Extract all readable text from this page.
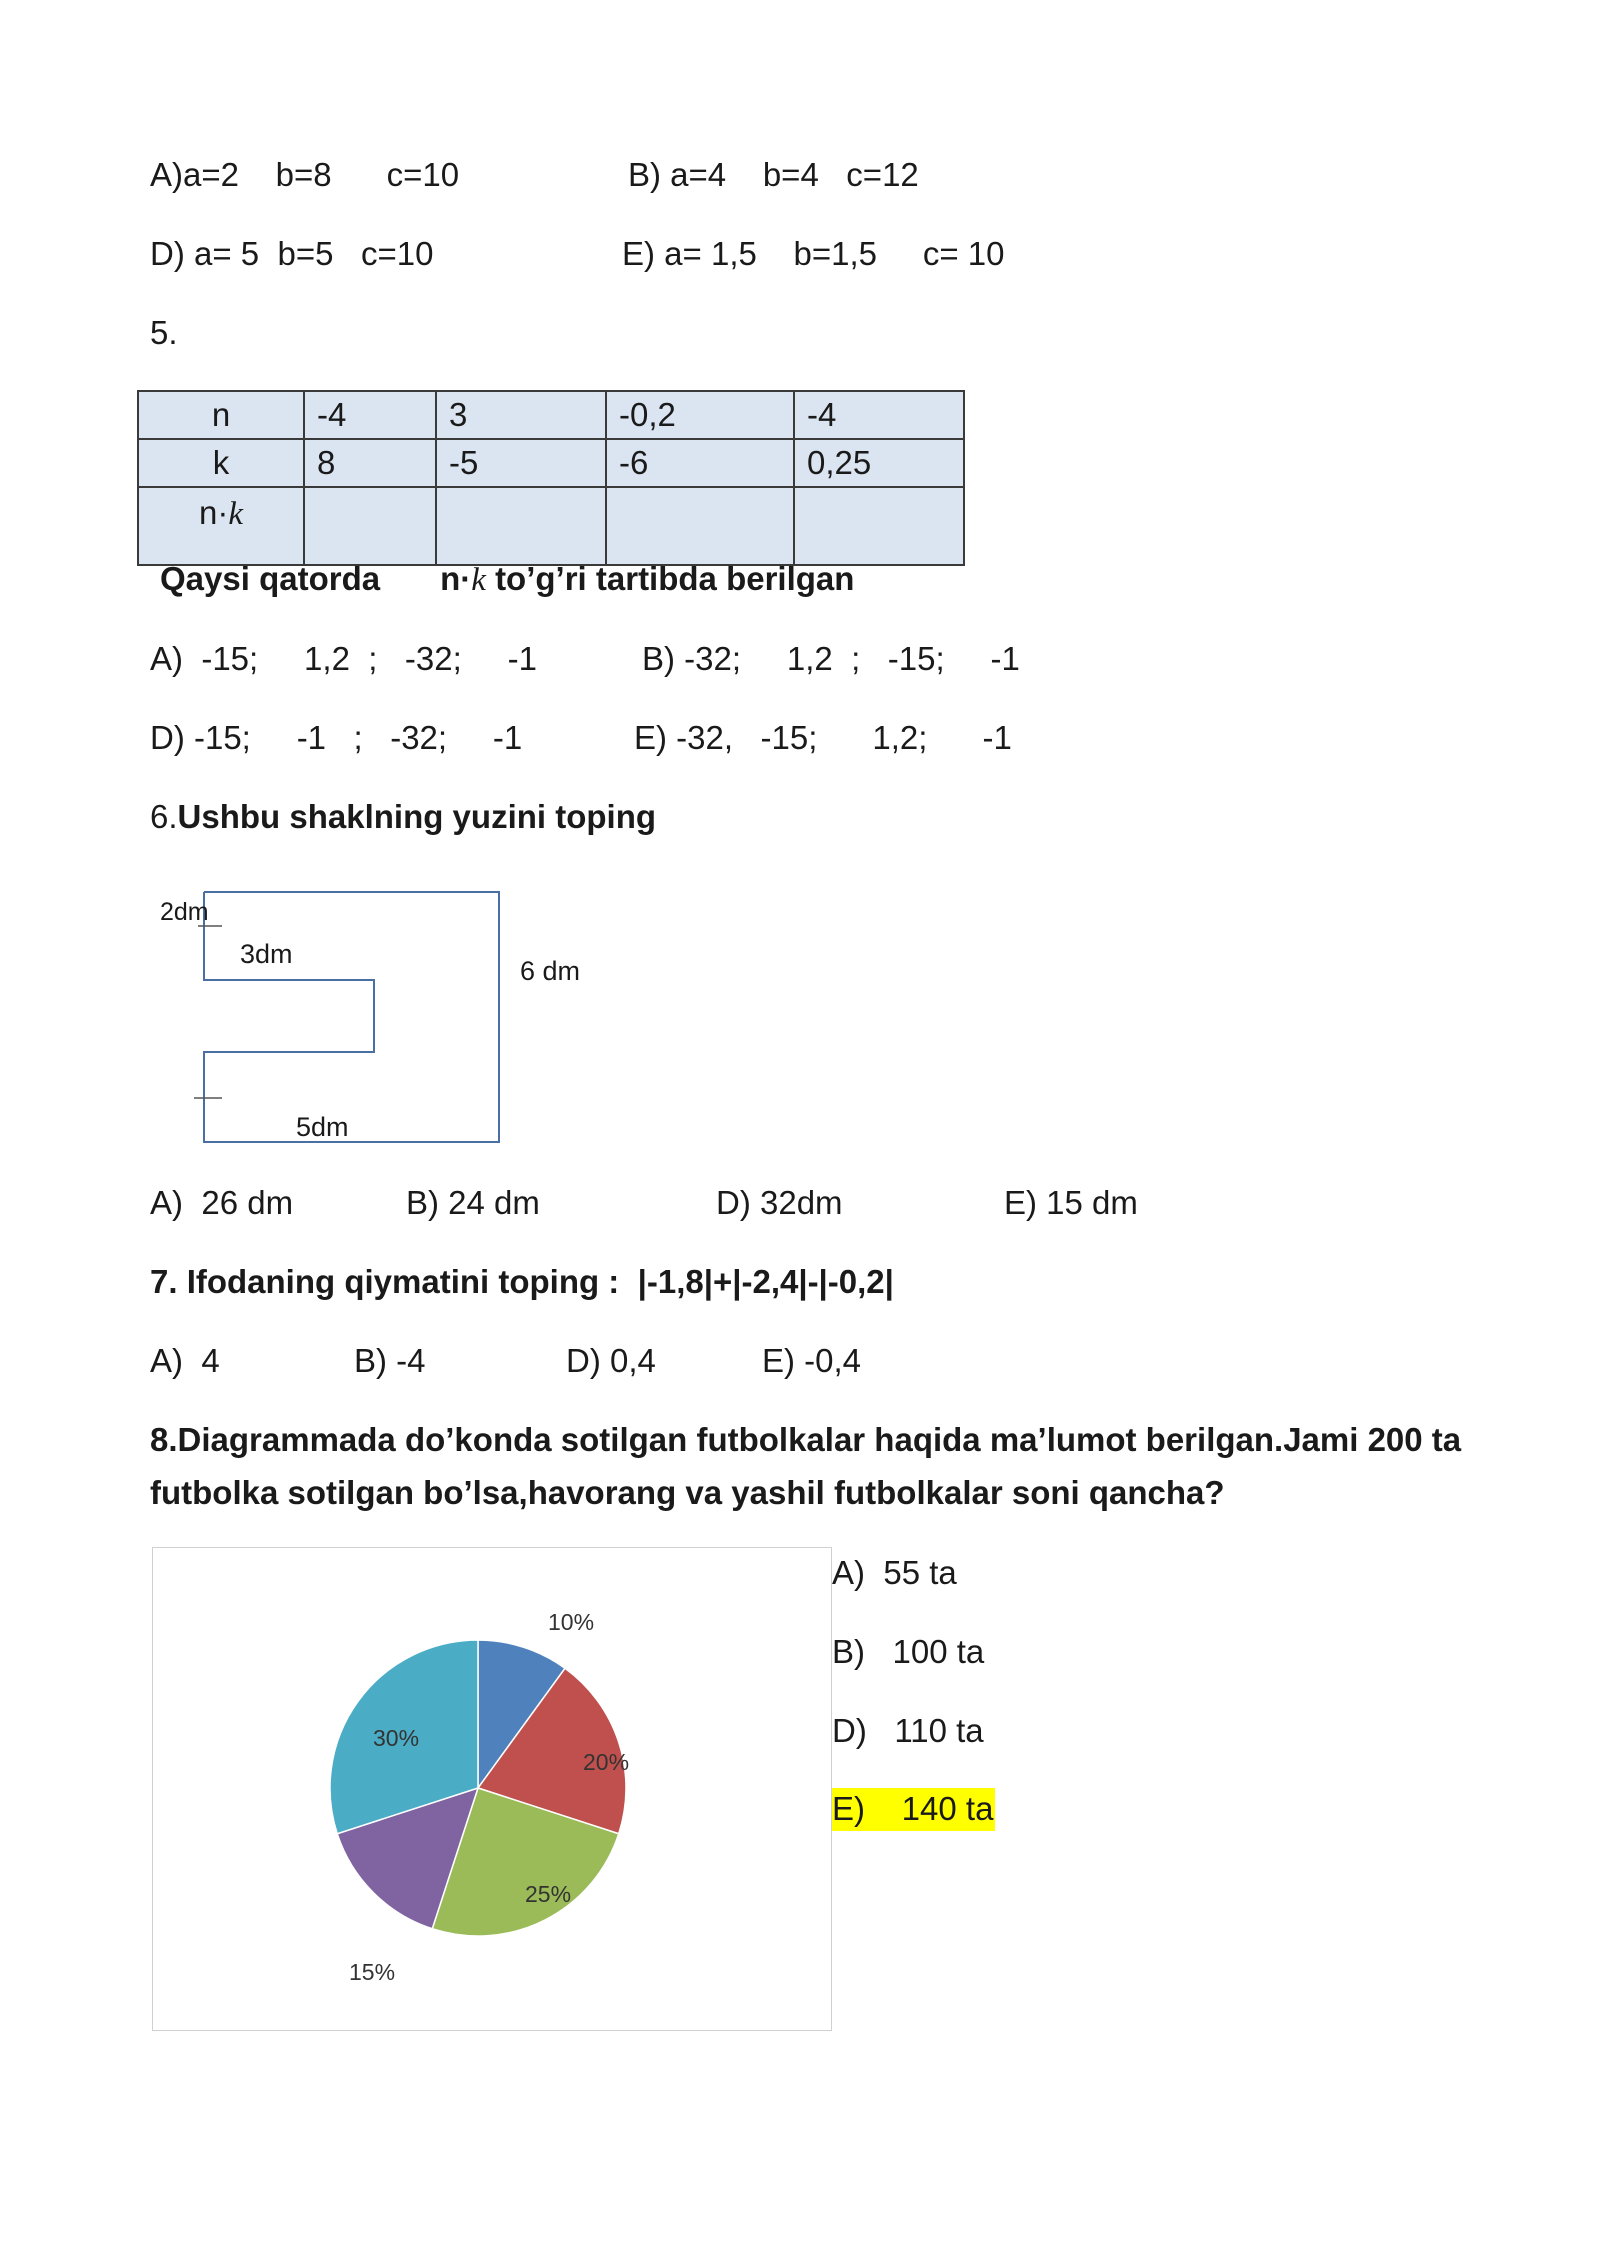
A)a=2    b=8      c=10	B) a=4    b=4   c=12
D) a= 5  b=5   c=10	E) a= 1,5    b=1,5     c= 10
5.
n	-4	3	-0,2	-4
k	8	-5	-6	0,25
n·k				
Qaysi qatorda n·k to’g’ri tartibda berilgan
A)  -15;     1,2  ;   -32;     -1	B) -32;     1,2  ;   -15;     -1
D) -15;     -1   ;   -32;     -1	E) -32,   -15;      1,2;      -1
6.Ushbu shaklning yuzini toping
2dm
3dm
6 dm
5dm
A)  26 dm	B) 24 dm	D) 32dm	E) 15 dm
7. Ifodaning qiymatini toping :  |-1,8|+|-2,4|-|-0,2|
A)  4	B) -4	D) 0,4	E) -0,4
8.Diagrammada do’konda sotilgan futbolkalar haqida ma’lumot berilgan.Jami 200 ta
futbolka sotilgan bo’lsa,havorang va yashil futbolkalar soni qancha?
10%
20%
25%
15%
30%
A)  55 ta
B)   100 ta
D)   110 ta
E)    140 ta
